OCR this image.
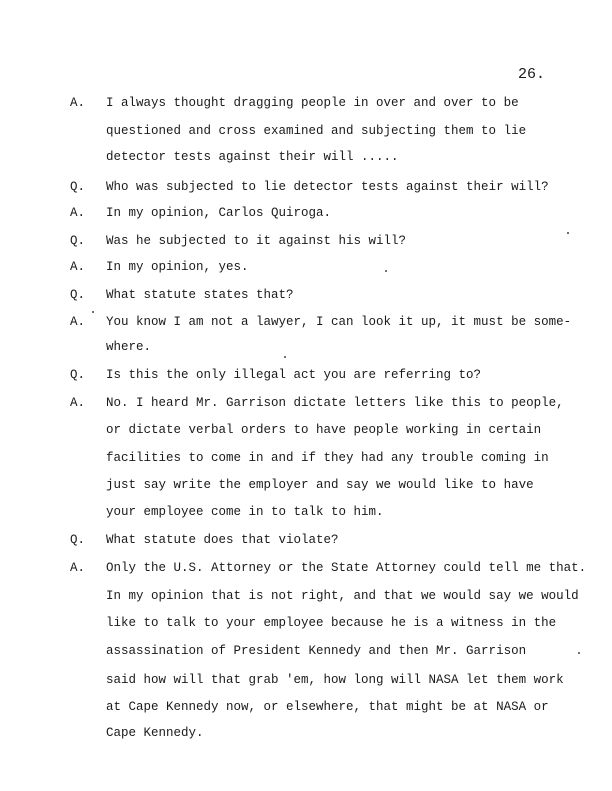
26.
A. I always thought dragging people in over and over to be
questioned and cross examined and subjecting them to lie
detector tests against their will .....
Q. Who was subjected to lie detector tests against their will?
A. In my opinion, Carlos Quiroga.
Q. Was he subjected to it against his will?
A. In my opinion, yes.
Q. What statute states that?
A. You know I am not a lawyer, I can look it up, it must be some-
where.
Q. Is this the only illegal act you are referring to?
A. No. I heard Mr. Garrison dictate letters like this to people,
or dictate verbal orders to have people working in certain
facilities to come in and if they had any trouble coming in
just say write the employer and say we would like to have
your employee come in to talk to him.
Q. What statute does that violate?
A. Only the U.S. Attorney or the State Attorney could tell me that.
In my opinion that is not right, and that we would say we would
like to talk to your employee because he is a witness in the
assassination of President Kennedy and then Mr. Garrison
said how will that grab 'em, how long will NASA let them work
at Cape Kennedy now, or elsewhere, that might be at NASA or
Cape Kennedy.
